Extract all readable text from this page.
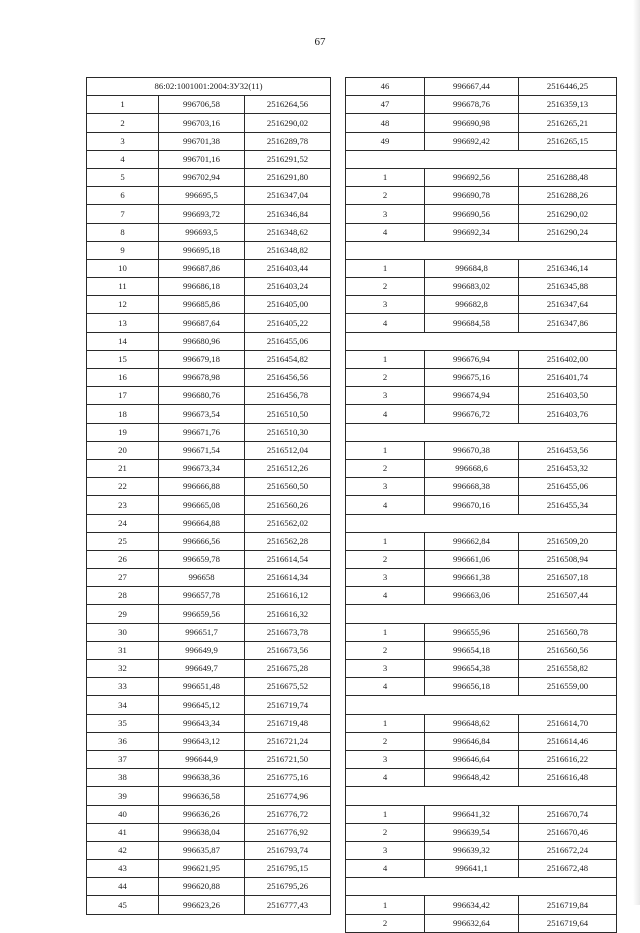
67
86:02:1001001:2004:ЗУ32(11)		
1	996706,58	2516264,56
2	996703,16	2516290,02
3	996701,38	2516289,78
4	996701,16	2516291,52
5	996702,94	2516291,80
6	996695,5	2516347,04
7	996693,72	2516346,84
8	996693,5	2516348,62
9	996695,18	2516348,82
10	996687,86	2516403,44
11	996686,18	2516403,24
12	996685,86	2516405,00
13	996687,64	2516405,22
14	996680,96	2516455,06
15	996679,18	2516454,82
16	996678,98	2516456,56
17	996680,76	2516456,78
18	996673,54	2516510,50
19	996671,76	2516510,30
20	996671,54	2516512,04
21	996673,34	2516512,26
22	996666,88	2516560,50
23	996665,08	2516560,26
24	996664,88	2516562,02
25	996666,56	2516562,28
26	996659,78	2516614,54
27	996658	2516614,34
28	996657,78	2516616,12
29	996659,56	2516616,32
30	996651,7	2516673,78
31	996649,9	2516673,56
32	996649,7	2516675,28
33	996651,48	2516675,52
34	996645,12	2516719,74
35	996643,34	2516719,48
36	996643,12	2516721,24
37	996644,9	2516721,50
38	996638,36	2516775,16
39	996636,58	2516774,96
40	996636,26	2516776,72
41	996638,04	2516776,92
42	996635,87	2516793,74
43	996621,95	2516795,15
44	996620,88	2516795,26
45	996623,26	2516777,43
46	996667,44	2516446,25
47	996678,76	2516359,13
48	996690,98	2516265,21
49	996692,42	2516265,15

1	996692,56	2516288,48
2	996690,78	2516288,26
3	996690,56	2516290,02
4	996692,34	2516290,24

1	996684,8	2516346,14
2	996683,02	2516345,88
3	996682,8	2516347,64
4	996684,58	2516347,86

1	996676,94	2516402,00
2	996675,16	2516401,74
3	996674,94	2516403,50
4	996676,72	2516403,76

1	996670,38	2516453,56
2	996668,6	2516453,32
3	996668,38	2516455,06
4	996670,16	2516455,34

1	996662,84	2516509,20
2	996661,06	2516508,94
3	996661,38	2516507,18
4	996663,06	2516507,44

1	996655,96	2516560,78
2	996654,18	2516560,56
3	996654,38	2516558,82
4	996656,18	2516559,00

1	996648,62	2516614,70
2	996646,84	2516614,46
3	996646,64	2516616,22
4	996648,42	2516616,48

1	996641,32	2516670,74
2	996639,54	2516670,46
3	996639,32	2516672,24
4	996641,1	2516672,48

1	996634,42	2516719,84
2	996632,64	2516719,64
